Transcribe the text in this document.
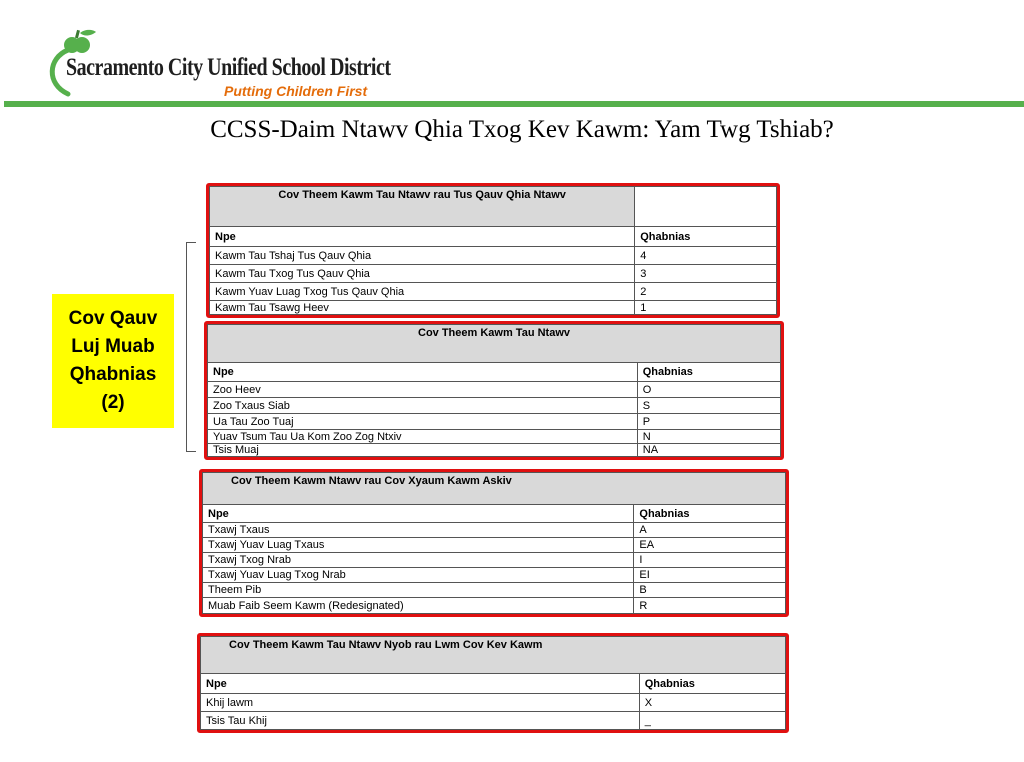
Sacramento City Unified School District
Putting Children First
CCSS-Daim Ntawv Qhia Txog Kev Kawm: Yam Twg Tshiab?
Cov Qauv
Luj Muab
Qhabnias
(2)
Cov Theem Kawm Tau Ntawv rau Tus Qauv Qhia Ntawv	
Npe	Qhabnias
Kawm Tau Tshaj Tus Qauv Qhia	4
Kawm Tau Txog Tus Qauv Qhia	3
Kawm Yuav Luag Txog Tus Qauv Qhia	2
Kawm Tau Tsawg Heev	1
Cov Theem Kawm Tau Ntawv	
Npe	Qhabnias
Zoo Heev	O
Zoo Txaus Siab	S
Ua Tau Zoo Tuaj	P
Yuav Tsum Tau Ua Kom Zoo Zog Ntxiv	N
Tsis Muaj	NA
Cov Theem Kawm Ntawv rau Cov Xyaum Kawm Askiv	
Npe	Qhabnias
Txawj Txaus	A
Txawj Yuav Luag Txaus	EA
Txawj Txog Nrab	I
Txawj Yuav Luag Txog Nrab	EI
Theem Pib	B
Muab Faib Seem Kawm (Redesignated)	R
Cov Theem Kawm Tau Ntawv Nyob rau Lwm Cov Kev Kawm	
Npe	Qhabnias
Khij lawm	X
Tsis Tau Khij	_
